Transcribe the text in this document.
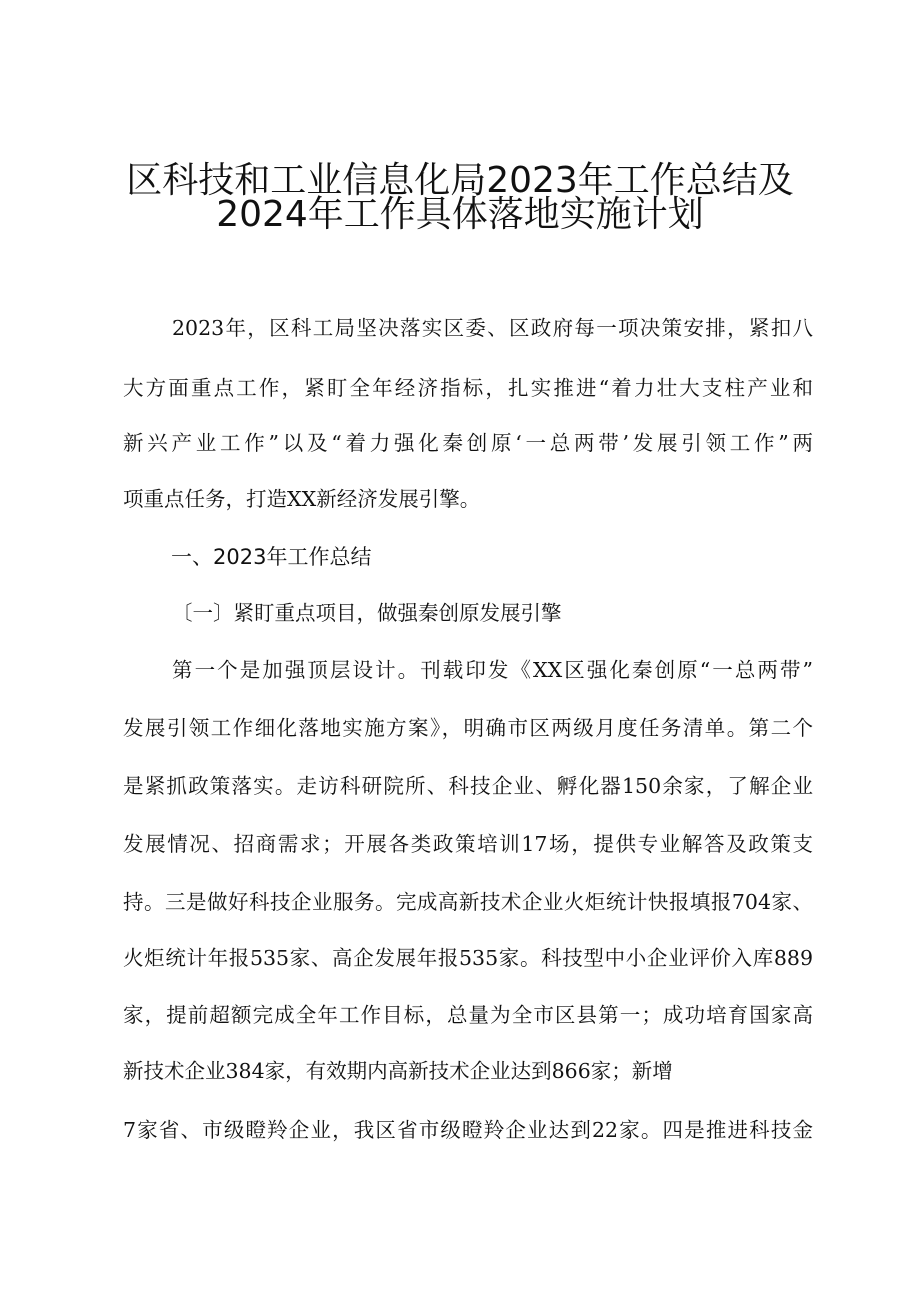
区科技和工业信息化局2023年工作总结及
2024年工作具体落地实施计划
2023年，区科工局坚决落实区委、区政府每一项决策安排，紧扣八
大方面重点工作，紧盯全年经济指标，扎实推进“着力壮大支柱产业和
新兴产业工作”以及“着力强化秦创原‘一总两带’发展引领工作”两
项重点任务，打造XX新经济发展引擎。
一、2023年工作总结
〔一〕紧盯重点项目，做强秦创原发展引擎
第一个是加强顶层设计。刊载印发《XX区强化秦创原“一总两带”
发展引领工作细化落地实施方案》，明确市区两级月度任务清单。第二个
是紧抓政策落实。走访科研院所、科技企业、孵化器150余家，了解企业
发展情况、招商需求；开展各类政策培训17场，提供专业解答及政策支
持。三是做好科技企业服务。完成高新技术企业火炬统计快报填报704家、
火炬统计年报535家、高企发展年报535家。科技型中小企业评价入库889
家，提前超额完成全年工作目标，总量为全市区县第一；成功培育国家高
新技术企业384家，有效期内高新技术企业达到866家；新增
7家省、市级瞪羚企业，我区省市级瞪羚企业达到22家。四是推进科技金
